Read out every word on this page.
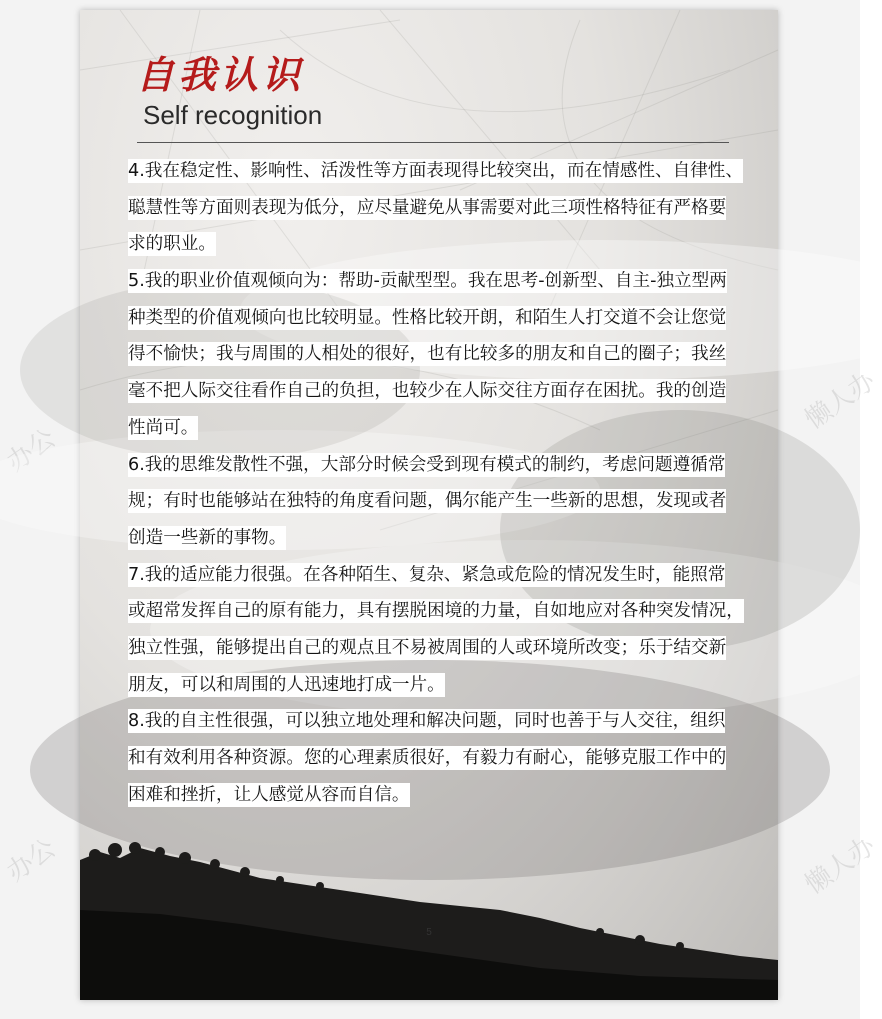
懒人办
办公
办公	懒人办
自我认识
Self recognition
4.我在稳定性、影响性、活泼性等方面表现得比较突出，而在情感性、自律性、
聪慧性等方面则表现为低分，应尽量避免从事需要对此三项性格特征有严格要
求的职业。
5.我的职业价值观倾向为：帮助-贡献型型。我在思考-创新型、自主-独立型两
种类型的价值观倾向也比较明显。性格比较开朗，和陌生人打交道不会让您觉
得不愉快；我与周围的人相处的很好，也有比较多的朋友和自己的圈子；我丝
毫不把人际交往看作自己的负担，也较少在人际交往方面存在困扰。我的创造
性尚可。
6.我的思维发散性不强，大部分时候会受到现有模式的制约，考虑问题遵循常
规；有时也能够站在独特的角度看问题，偶尔能产生一些新的思想，发现或者
创造一些新的事物。
7.我的适应能力很强。在各种陌生、复杂、紧急或危险的情况发生时，能照常
或超常发挥自己的原有能力，具有摆脱困境的力量，自如地应对各种突发情况，
独立性强，能够提出自己的观点且不易被周围的人或环境所改变；乐于结交新
朋友，可以和周围的人迅速地打成一片。
8.我的自主性很强，可以独立地处理和解决问题，同时也善于与人交往，组织
和有效利用各种资源。您的心理素质很好，有毅力有耐心，能够克服工作中的
困难和挫折，让人感觉从容而自信。
5
